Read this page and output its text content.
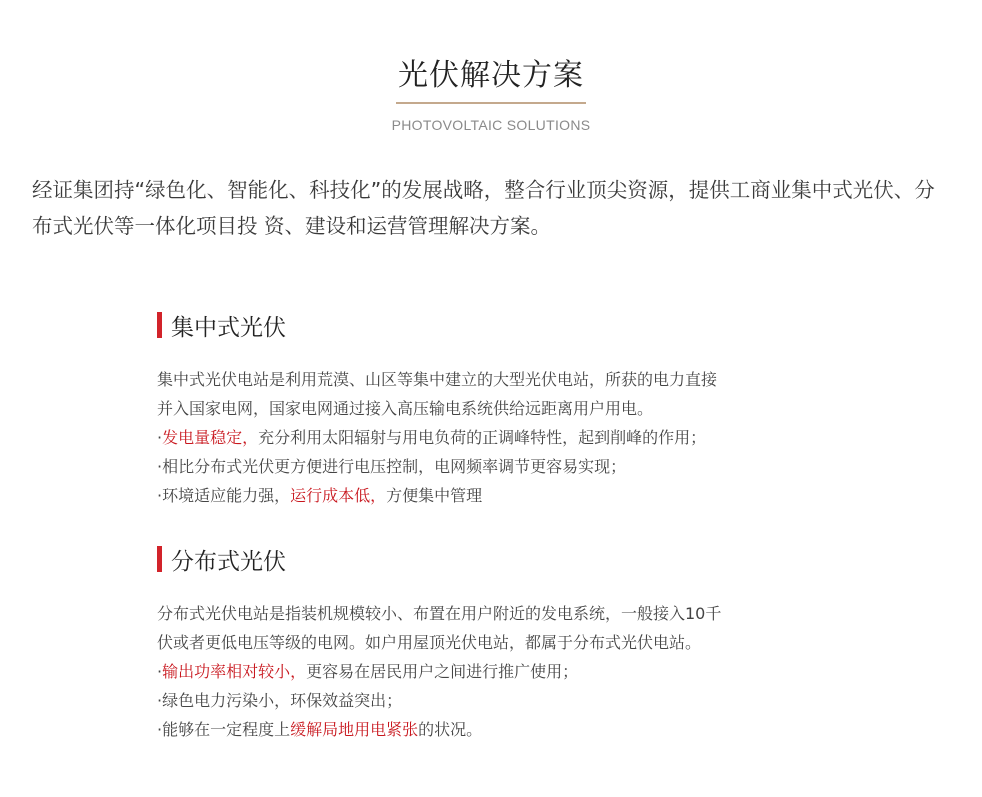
光伏解决方案
PHOTOVOLTAIC SOLUTIONS
经证集团持“绿色化、智能化、科技化”的发展战略，整合行业顶尖资源，提供工商业集中式光伏、分布式光伏等一体化项目投 资、建设和运营管理解决方案。
集中式光伏

集中式光伏电站是利用荒漠、山区等集中建立的大型光伏电站，所获的电力直接

并入国家电网，国家电网通过接入高压输电系统供给远距离用户用电。

·发电量稳定，充分利用太阳辐射与用电负荷的正调峰特性，起到削峰的作用；

·相比分布式光伏更方便进行电压控制，电网频率调节更容易实现；

·环境适应能力强，运行成本低，方便集中管理

分布式光伏

分布式光伏电站是指装机规模较小、布置在用户附近的发电系统，一般接入10千

伏或者更低电压等级的电网。如户用屋顶光伏电站，都属于分布式光伏电站。

·输出功率相对较小，更容易在居民用户之间进行推广使用；

·绿色电力污染小，环保效益突出；

·能够在一定程度上缓解局地用电紧张的状况。
